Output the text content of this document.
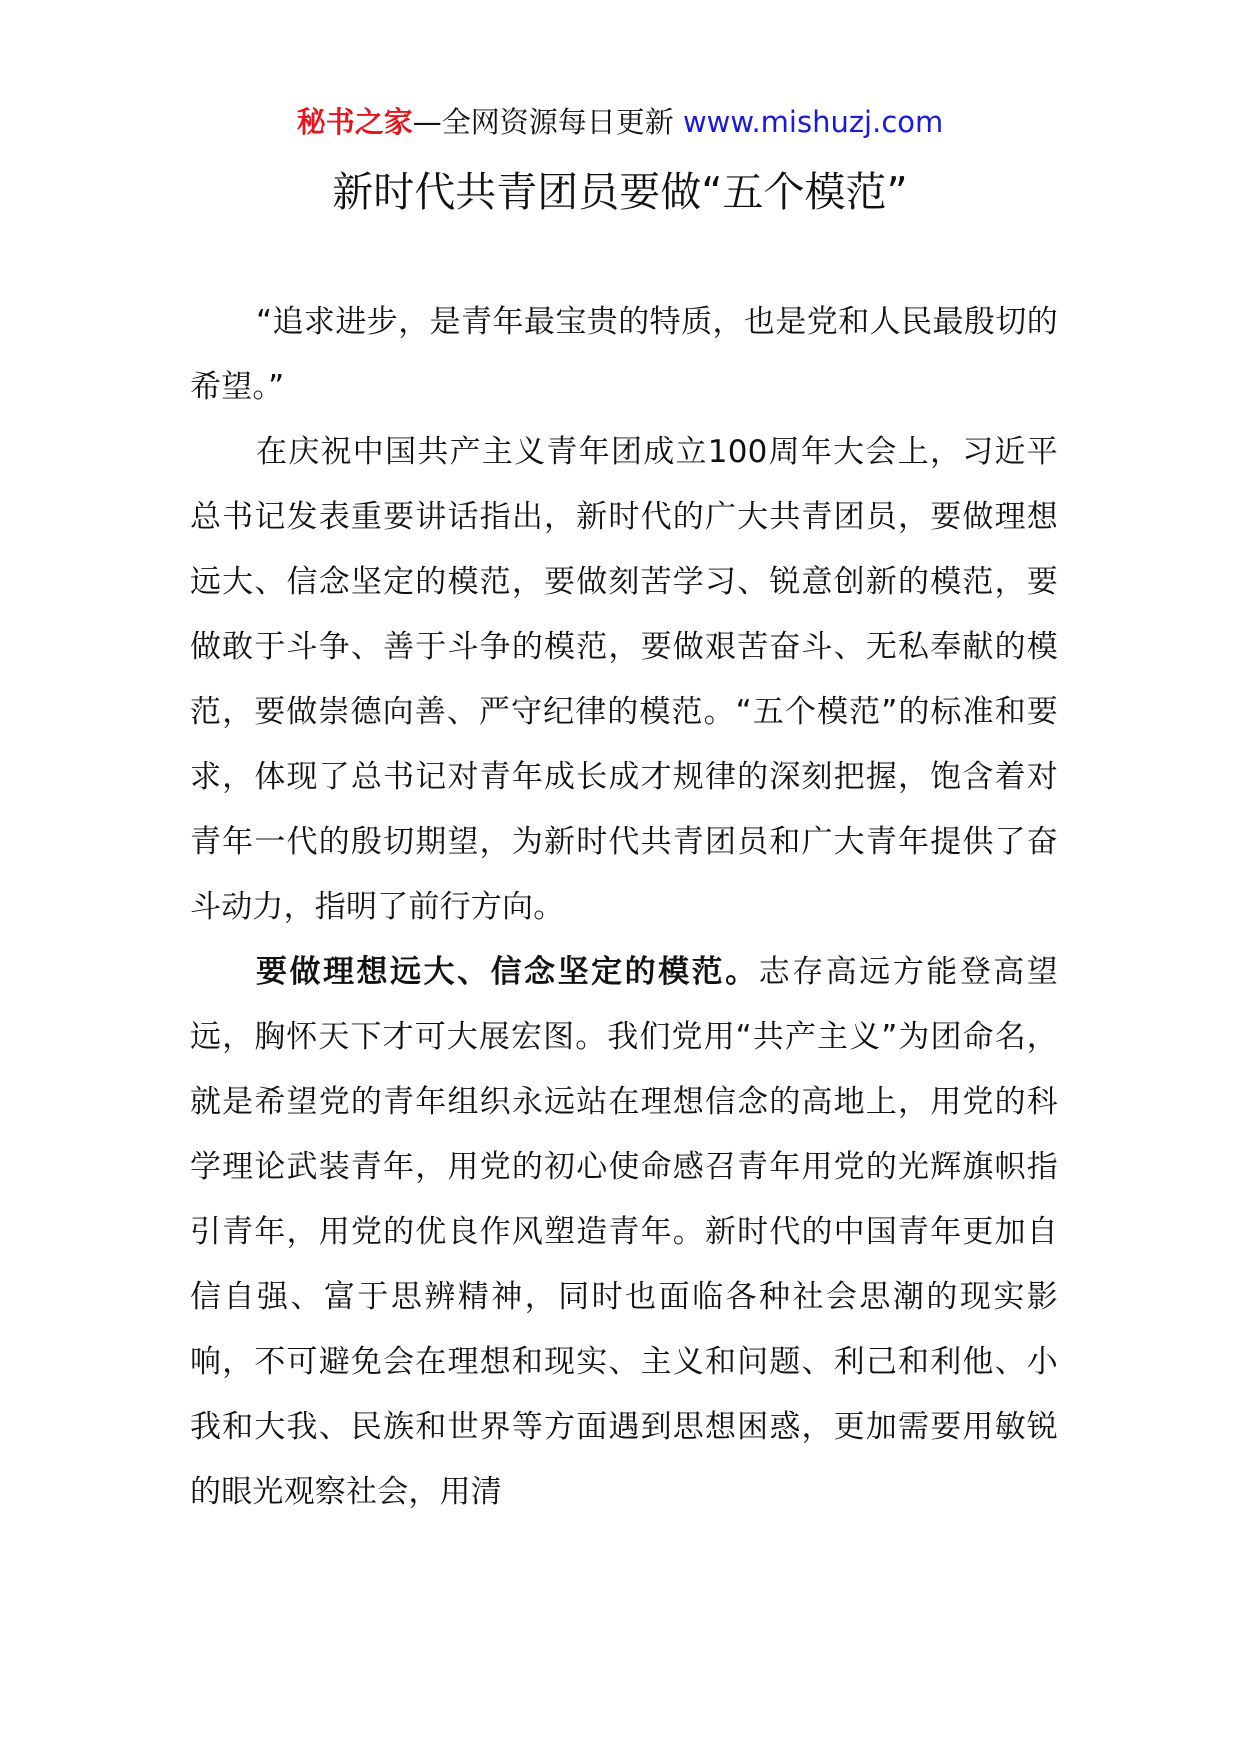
秘书之家—全网资源每日更新 www.mishuzj.com
新时代共青团员要做“五个模范”

“追求进步，是青年最宝贵的特质，也是党和人民最殷切的希望。”

在庆祝中国共产主义青年团成立100周年大会上，习近平总书记发表重要讲话指出，新时代的广大共青团员，要做理想远大、信念坚定的模范，要做刻苦学习、锐意创新的模范，要做敢于斗争、善于斗争的模范，要做艰苦奋斗、无私奉献的模范，要做崇德向善、严守纪律的模范。“五个模范”的标准和要求，体现了总书记对青年成长成才规律的深刻把握，饱含着对青年一代的殷切期望，为新时代共青团员和广大青年提供了奋斗动力，指明了前行方向。

要做理想远大、信念坚定的模范。志存高远方能登高望远，胸怀天下才可大展宏图。我们党用“共产主义”为团命名，就是希望党的青年组织永远站在理想信念的高地上，用党的科学理论武装青年，用党的初心使命感召青年用党的光辉旗帜指引青年，用党的优良作风塑造青年。新时代的中国青年更加自信自强、富于思辨精神，同时也面临各种社会思潮的现实影响，不可避免会在理想和现实、主义和问题、利己和利他、小我和大我、民族和世界等方面遇到思想困惑，更加需要用敏锐的眼光观察社会，用清
